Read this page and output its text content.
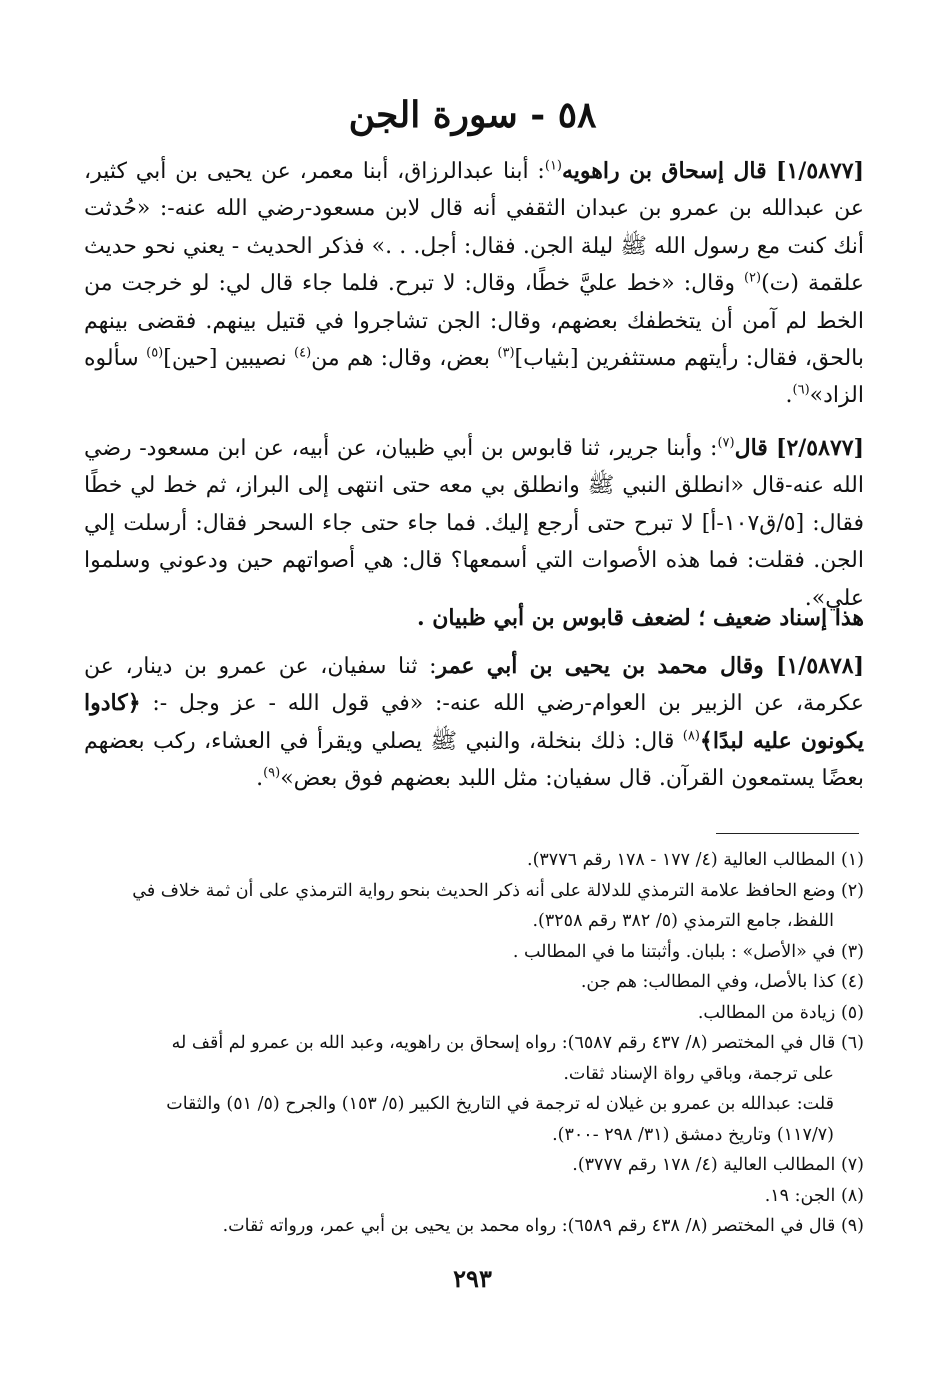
٥٨ - سورة الجن

[١/٥٨٧٧] قال إسحاق بن راهويه$^{(١)}$: أبنا عبدالرزاق، أبنا معمر، عن يحيى بن أبي كثير، عن عبدالله بن عمرو بن عبدان الثقفي أنه قال لابن مسعود-رضي الله عنه-: «حُدثت أنك كنت مع رسول الله ﷺ ليلة الجن. فقال: أجل. . .» فذكر الحديث - يعني نحو حديث علقمة (ت)$^{(٢)}$ وقال: «خط عليَّ خطًا، وقال: لا تبرح. فلما جاء قال لي: لو خرجت من الخط لم آمن أن يتخطفك بعضهم، وقال: الجن تشاجروا في قتيل بينهم. فقضى بينهم بالحق، فقال: رأيتهم مستثفرين [بثياب]$^{(٣)}$ بعض، وقال: هم من$^{(٤)}$ نصيبين [حين]$^{(٥)}$ سألوه الزاد»$^{(٦)}$.

[٢/٥٨٧٧] قال$^{(٧)}$: وأبنا جرير، ثنا قابوس بن أبي ظبيان، عن أبيه، عن ابن مسعود- رضي الله عنه-قال «انطلق النبي ﷺ وانطلق بي معه حتى انتهى إلى البراز، ثم خط لي خطًا فقال: [٥/ق١٠٧-أ] لا تبرح حتى أرجع إليك. فما جاء حتى جاء السحر فقال: أرسلت إلي الجن. فقلت: فما هذه الأصوات التي أسمعها؟ قال: هي أصواتهم حين ودعوني وسلموا علي».

هذا إسناد ضعيف ؛ لضعف قابوس بن أبي ظبيان .

[١/٥٨٧٨] وقال محمد بن يحيى بن أبي عمر: ثنا سفيان، عن عمرو بن دينار، عن عكرمة، عن الزبير بن العوام-رضي الله عنه-: «في قول الله - عز وجل -: ﴿كادوا يكونون عليه لبدًا﴾$^{(٨)}$ قال: ذلك بنخلة، والنبي ﷺ يصلي ويقرأ في العشاء، ركب بعضهم بعضًا يستمعون القرآن. قال سفيان: مثل اللبد بعضهم فوق بعض»$^{(٩)}$.

(١) المطالب العالية (٤/ ١٧٧ - ١٧٨ رقم ٣٧٧٦).

(٢) وضع الحافظ علامة الترمذي للدلالة على أنه ذكر الحديث بنحو رواية الترمذي على أن ثمة خلاف في

اللفظ، جامع الترمذي (٥/ ٣٨٢ رقم ٣٢٥٨).

(٣) في «الأصل» : بلبان. وأثبتنا ما في المطالب .

(٤) كذا بالأصل، وفي المطالب: هم جن.

(٥) زيادة من المطالب.

(٦) قال في المختصر (٨/ ٤٣٧ رقم ٦٥٨٧): رواه إسحاق بن راهويه، وعبد الله بن عمرو لم أقف له

على ترجمة، وباقي رواة الإسناد ثقات.

قلت: عبدالله بن عمرو بن غيلان له ترجمة في التاريخ الكبير (٥/ ١٥٣) والجرح (٥/ ٥١) والثقات

(١١٧/٧) وتاريخ دمشق (٣١/ ٢٩٨ -٣٠٠).

(٧) المطالب العالية (٤/ ١٧٨ رقم ٣٧٧٧).

(٨) الجن: ١٩.

(٩) قال في المختصر (٨/ ٤٣٨ رقم ٦٥٨٩): رواه محمد بن يحيى بن أبي عمر، ورواته ثقات.

٢٩٣
